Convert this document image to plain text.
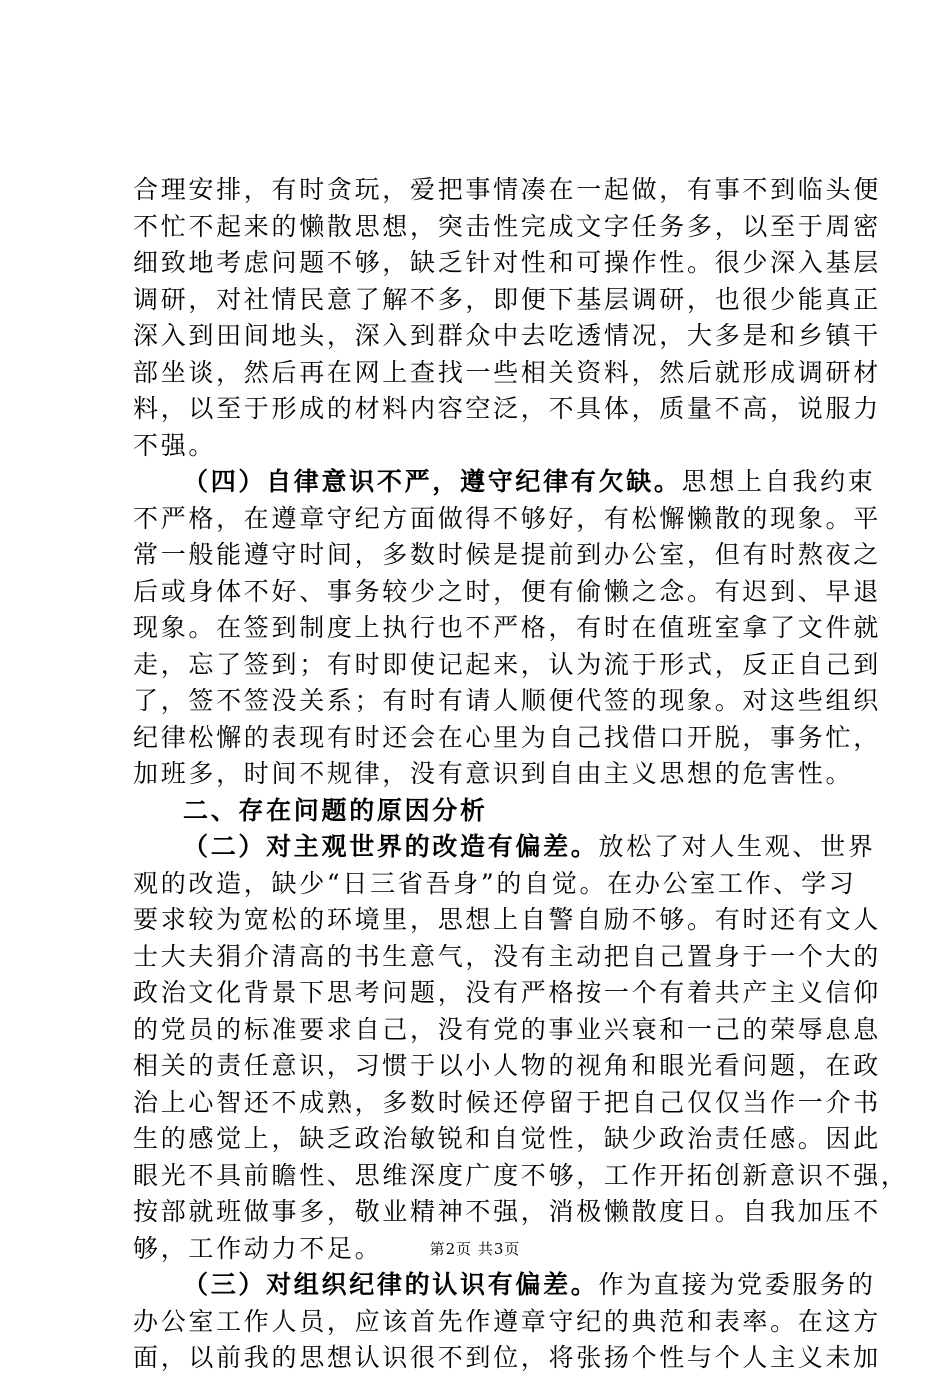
合理安排，有时贪玩，爱把事情凑在一起做，有事不到临头便
不忙不起来的懒散思想，突击性完成文字任务多，以至于周密
细致地考虑问题不够，缺乏针对性和可操作性。很少深入基层
调研，对社情民意了解不多，即便下基层调研，也很少能真正
深入到田间地头，深入到群众中去吃透情况，大多是和乡镇干
部坐谈，然后再在网上查找一些相关资料，然后就形成调研材
料，以至于形成的材料内容空泛，不具体，质量不高，说服力
不强。
（四）自律意识不严，遵守纪律有欠缺。思想上自我约束
不严格，在遵章守纪方面做得不够好，有松懈懒散的现象。平
常一般能遵守时间，多数时候是提前到办公室，但有时熬夜之
后或身体不好、事务较少之时，便有偷懒之念。有迟到、早退
现象。在签到制度上执行也不严格，有时在值班室拿了文件就
走，忘了签到；有时即使记起来，认为流于形式，反正自己到
了，签不签没关系；有时有请人顺便代签的现象。对这些组织
纪律松懈的表现有时还会在心里为自己找借口开脱，事务忙，
加班多，时间不规律，没有意识到自由主义思想的危害性。
二、存在问题的原因分析
（二）对主观世界的改造有偏差。放松了对人生观、世界
观的改造，缺少“日三省吾身”的自觉。在办公室工作、学习
要求较为宽松的环境里，思想上自警自励不够。有时还有文人
士大夫狷介清高的书生意气，没有主动把自己置身于一个大的
政治文化背景下思考问题，没有严格按一个有着共产主义信仰
的党员的标准要求自己，没有党的事业兴衰和一己的荣辱息息
相关的责任意识，习惯于以小人物的视角和眼光看问题，在政
治上心智还不成熟，多数时候还停留于把自己仅仅当作一介书
生的感觉上，缺乏政治敏锐和自觉性，缺少政治责任感。因此
眼光不具前瞻性、思维深度广度不够，工作开拓创新意识不强，
按部就班做事多，敬业精神不强，消极懒散度日。自我加压不
够，工作动力不足。
（三）对组织纪律的认识有偏差。作为直接为党委服务的
办公室工作人员，应该首先作遵章守纪的典范和表率。在这方
面，以前我的思想认识很不到位，将张扬个性与个人主义未加
第2页 共3页
